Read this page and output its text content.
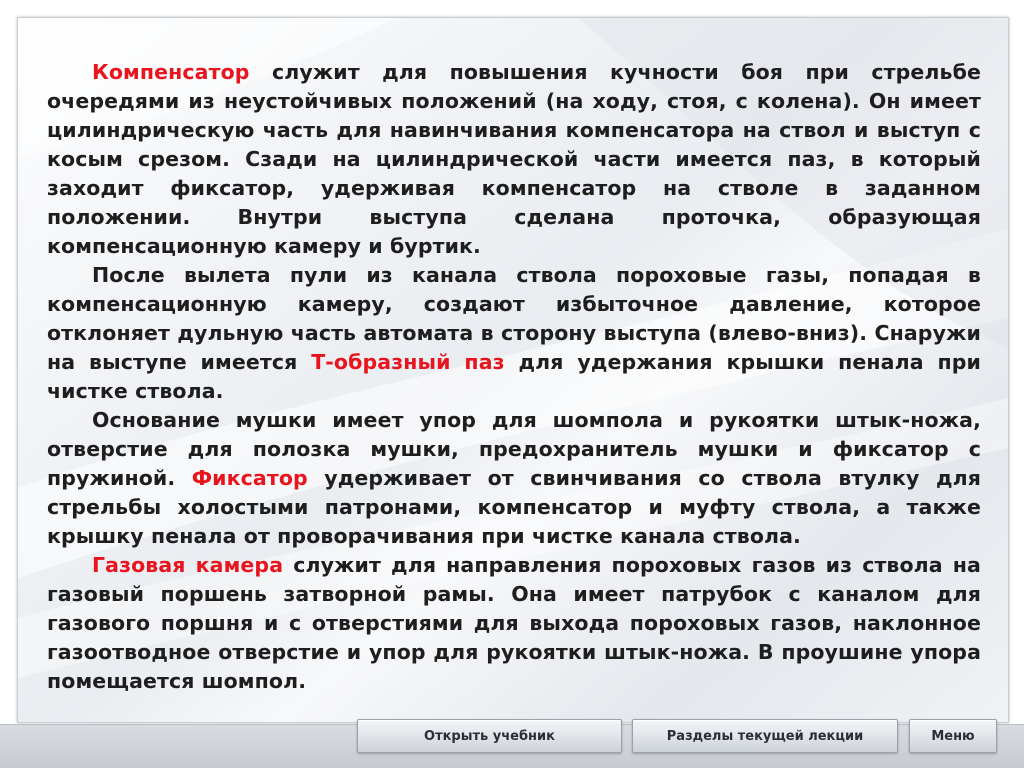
Компенсатор служит для повышения кучности боя при стрельбе очередями из неустойчивых положений (на ходу, стоя, с колена). Он имеет цилиндрическую часть для навинчивания компенсатора на ствол и выступ с косым срезом. Сзади на цилиндрической части имеется паз, в который заходит фиксатор, удерживая компенсатор на стволе в заданном положении. Внутри выступа сделана проточка, образующая компенсационную камеру и буртик.

После вылета пули из канала ствола пороховые газы, попадая в компенсационную камеру, создают избыточное давление, которое отклоняет дульную часть автомата в сторону выступа (влево-вниз). Снаружи на выступе имеется Т-образный паз для удержания крышки пенала при чистке ствола.

Основание мушки имеет упор для шомпола и рукоятки штык-ножа, отверстие для полозка мушки, предохранитель мушки и фиксатор с пружиной. Фиксатор удерживает от свинчивания со ствола втулку для стрельбы холостыми патронами, компенсатор и муфту ствола, а также крышку пенала от проворачивания при чистке канала ствола.

Газовая камера служит для направления пороховых газов из ствола на газовый поршень затворной рамы. Она имеет патрубок с каналом для газового поршня и с отверстиями для выхода пороховых газов, наклонное газоотводное отверстие и упор для рукоятки штык-ножа. В проушине упора помещается шомпол.

Открыть учебник	Разделы текущей лекции	Меню
